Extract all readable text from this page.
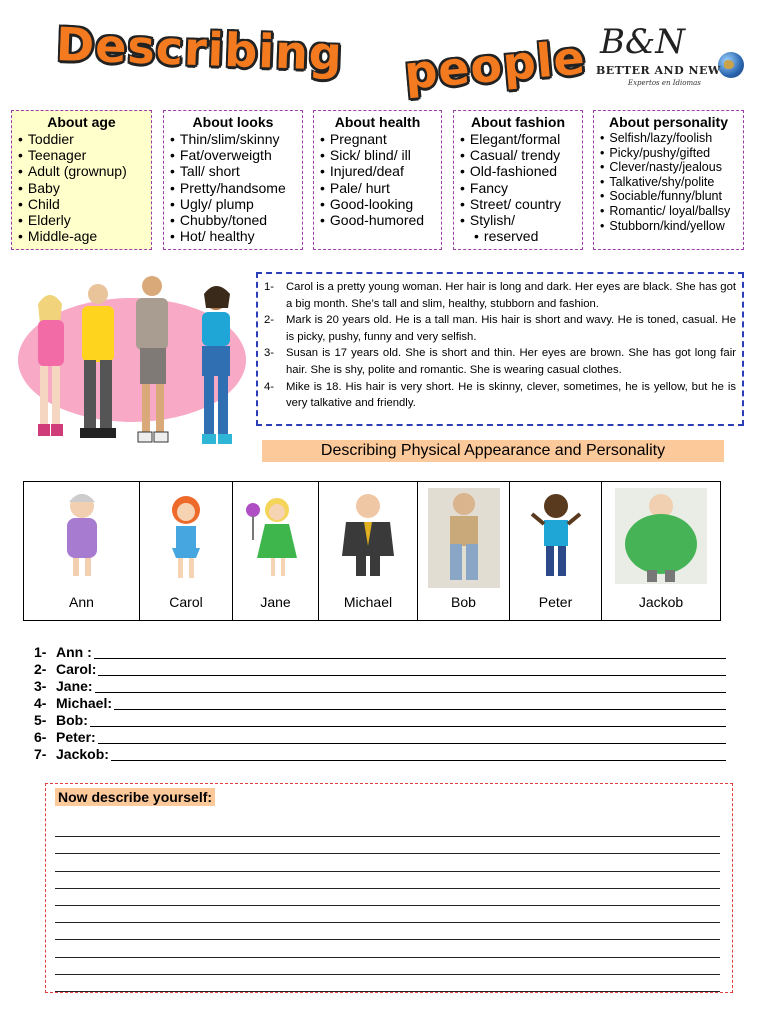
Describing people B&N
BETTER AND NEW
Expertos en Idiomas
About age
• Toddier
• Teenager
• Adult (grownup)
• Baby
• Child
• Elderly
• Middle-age
About looks
• Thin/slim/skinny
• Fat/overweigth
• Tall/ short
• Pretty/handsome
• Ugly/ plump
• Chubby/toned
• Hot/ healthy
About health
• Pregnant
• Sick/ blind/ ill
• Injured/deaf
• Pale/ hurt
• Good-looking
• Good-humored
About fashion
• Elegant/formal
• Casual/ trendy
• Old-fashioned
• Fancy
• Street/ country
• Stylish/
• reserved
About personality
• Selfish/lazy/foolish
• Picky/pushy/gifted
• Clever/nasty/jealous
• Talkative/shy/polite
• Sociable/funny/blunt
• Romantic/ loyal/ballsy
• Stubborn/kind/yellow
1-	Carol is a pretty young woman. Her hair is long and dark. Her eyes are black. She has got a big month. She’s tall and slim, healthy, stubborn and fashion.
2-	Mark is 20 years old. He is a tall man. His hair is short and wavy. He is toned, casual. He is picky, pushy, funny and very selfish.
3-	Susan is 17 years old. She is short and thin. Her eyes are brown. She has got long fair hair. She is shy, polite and romantic. She is wearing casual clothes.
4-	Mike is 18. His hair is very short. He is skinny, clever, sometimes, he is yellow, but he is very talkative and friendly.
Describing Physical Appearance and Personality
Ann	Carol	Jane	Michael	Bob	Peter	Jackob
1- Ann :
2- Carol:
3- Jane:
4- Michael:
5- Bob:
6- Peter:
7- Jackob:
Now describe yourself:
